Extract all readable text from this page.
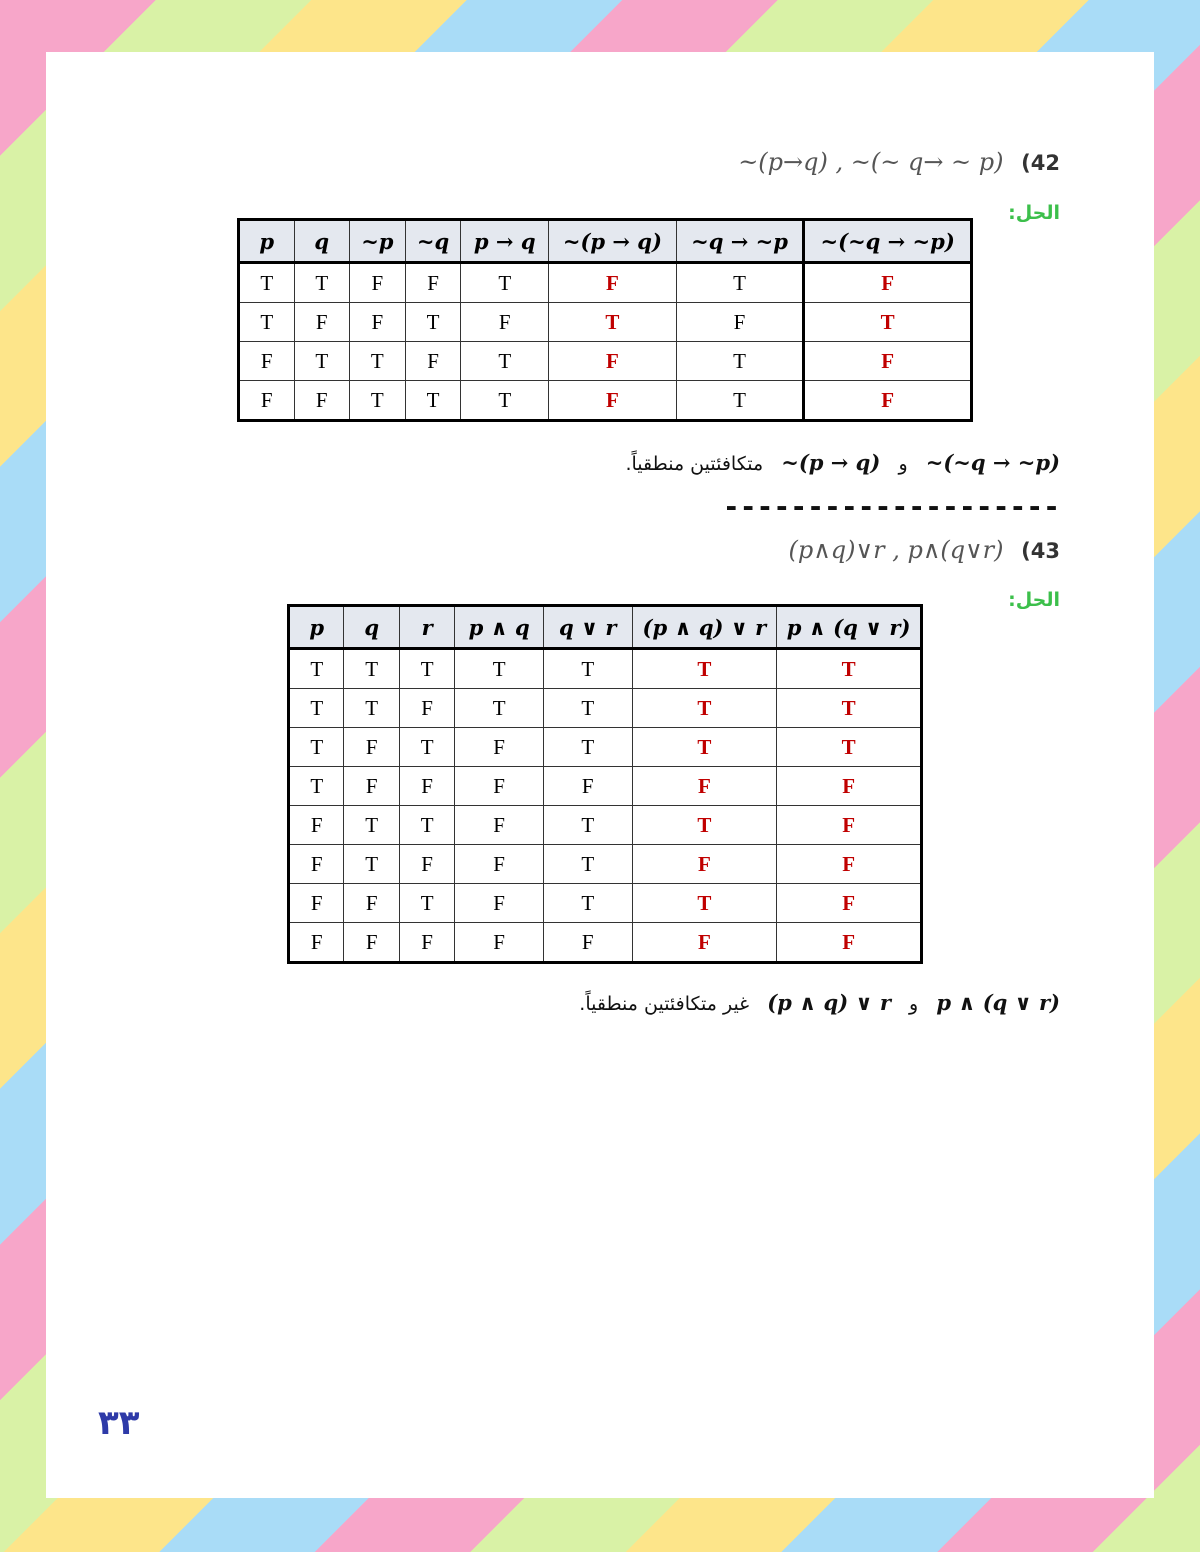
~(p→q) , ~(~ q→ ~ p) (42
الحل:
p	q	~p	~q	p → q	~(p → q)	~q → ~p	~(~q → ~p)
T	T	F	F	T	F	T	F
T	F	F	T	F	T	F	T
F	T	T	F	T	F	T	F
F	F	T	T	T	F	T	F
~(~q → ~p)   و   ~(p → q)   متكافئتين منطقياً.
--------------------
(p∧q)∨r , p∧(q∨r) (43
الحل:
p	q	r	p ∧ q	q ∨ r	(p ∧ q) ∨ r	p ∧ (q ∨ r)
T	T	T	T	T	T	T
T	T	F	T	T	T	T
T	F	T	F	T	T	T
T	F	F	F	F	F	F
F	T	T	F	T	T	F
F	T	F	F	T	F	F
F	F	T	F	T	T	F
F	F	F	F	F	F	F
p ∧ (q ∨ r)   و   (p ∧ q) ∨ r   غير متكافئتين منطقياً.
٣٣
